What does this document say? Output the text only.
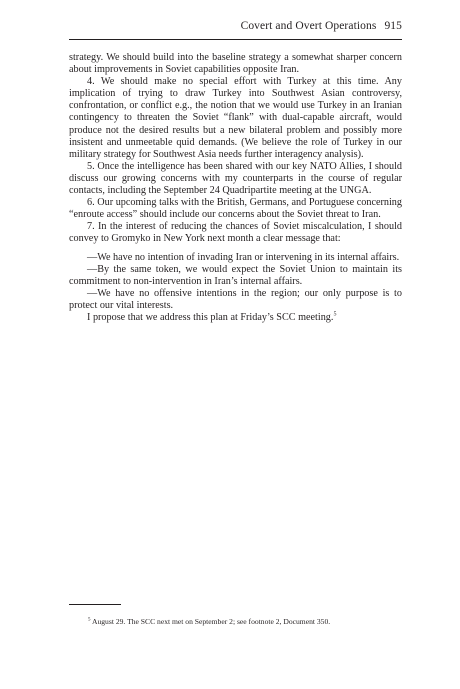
Covert and Overt Operations 915

strategy. We should build into the baseline strategy a somewhat sharper concern about improvements in Soviet capabilities opposite Iran.

4. We should make no special effort with Turkey at this time. Any implication of trying to draw Turkey into Southwest Asian controversy, confrontation, or conflict e.g., the notion that we would use Turkey in an Iranian contingency to threaten the Soviet “flank” with dual-capable aircraft, would produce not the desired results but a new bilateral problem and possibly more insistent and unmeetable quid demands. (We believe the role of Turkey in our military strategy for Southwest Asia needs further interagency analysis).

5. Once the intelligence has been shared with our key NATO Allies, I should discuss our growing concerns with my counterparts in the course of regular contacts, including the September 24 Quadripartite meeting at the UNGA.

6. Our upcoming talks with the British, Germans, and Portuguese concerning “enroute access” should include our concerns about the Soviet threat to Iran.

7. In the interest of reducing the chances of Soviet miscalculation, I should convey to Gromyko in New York next month a clear message that:

—We have no intention of invading Iran or intervening in its internal affairs.

—By the same token, we would expect the Soviet Union to maintain its commitment to non-intervention in Iran’s internal affairs.

—We have no offensive intentions in the region; our only purpose is to protect our vital interests.

I propose that we address this plan at Friday’s SCC meeting.$^5$

$^5$ August 29. The SCC next met on September 2; see footnote 2, Document 350.
